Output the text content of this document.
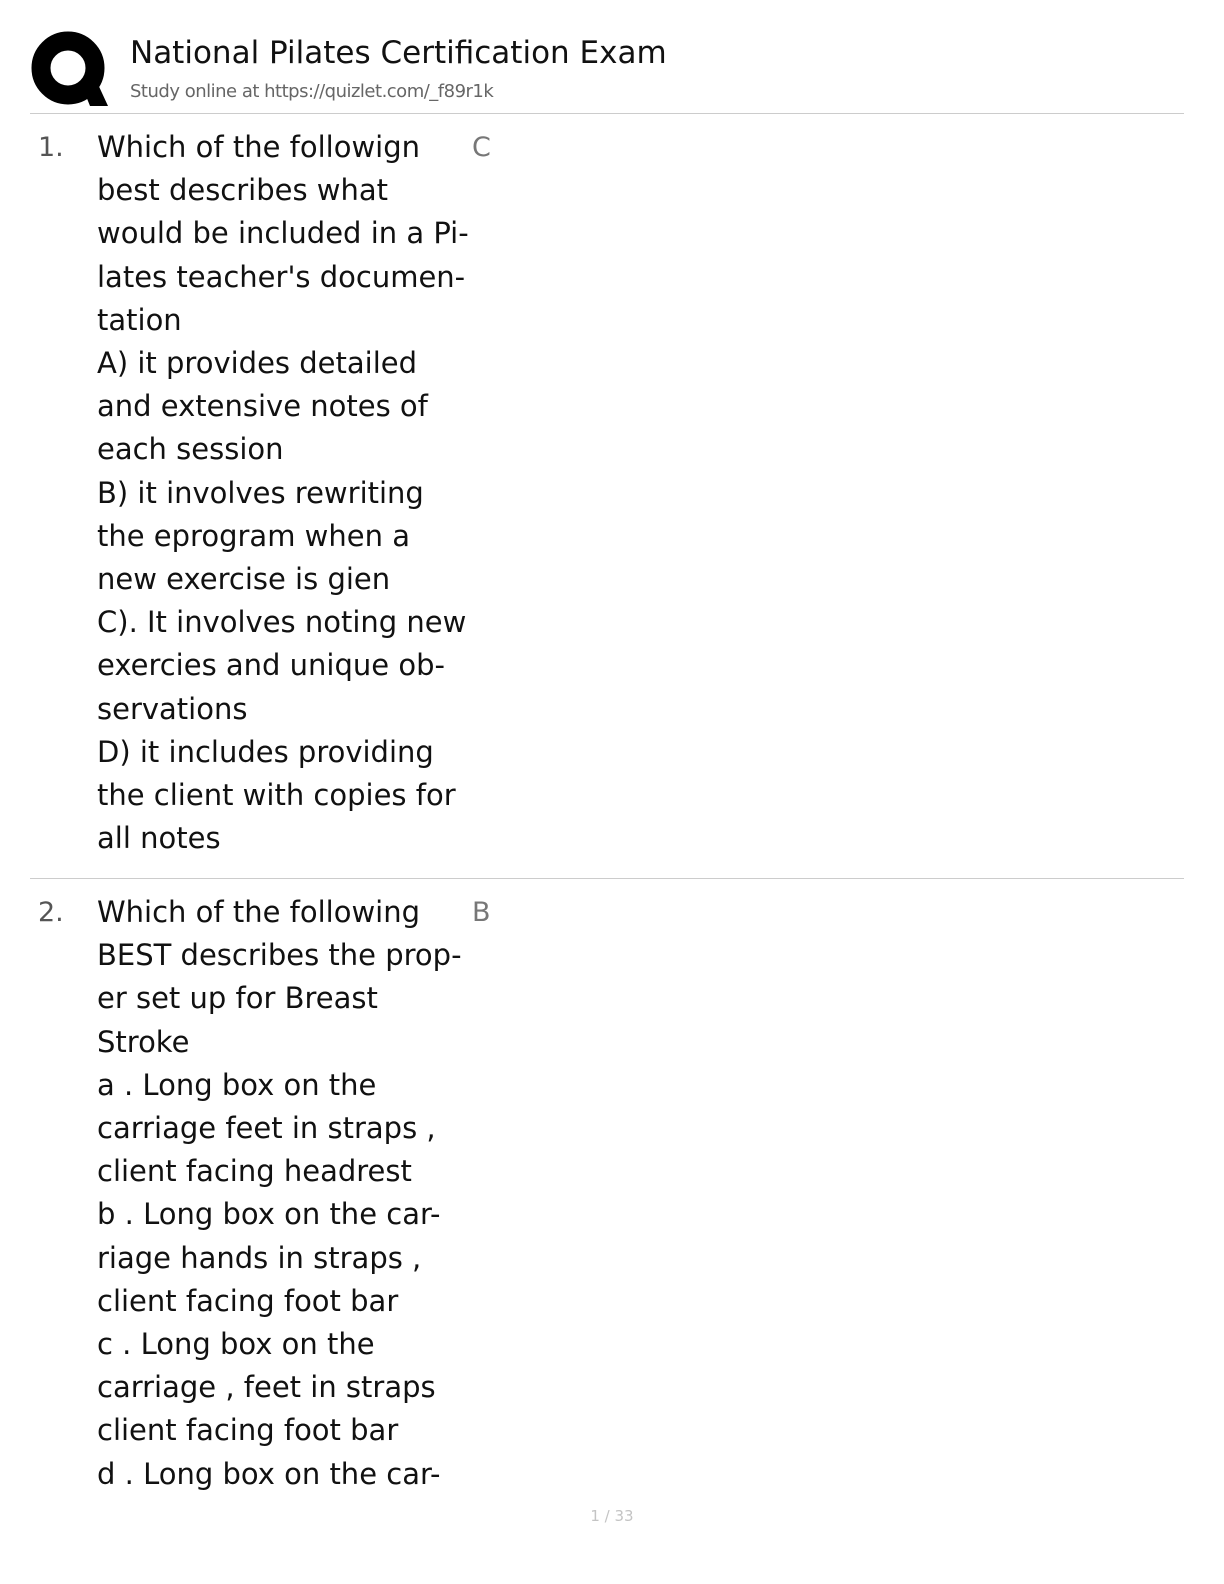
National Pilates Certification Exam
Study online at https://quizlet.com/_f89r1k
1. Which of the followign best describes what would be included in a Pi-
lates teacher's documen-
tation
A) it provides detailed and extensive notes of each session
B) it involves rewriting the eprogram when a new exercise is gien
C). It involves noting new exercies and unique ob-
servations
D) it includes providing the client with copies for all notes
C
2. Which of the following BEST describes the prop-
er set up for Breast Stroke
a . Long box on the carriage feet in straps , client facing headrest
b . Long box on the car-
riage hands in straps , client facing foot bar
c . Long box on the carriage , feet in straps client facing foot bar
d . Long box on the car-
B
1 / 33
